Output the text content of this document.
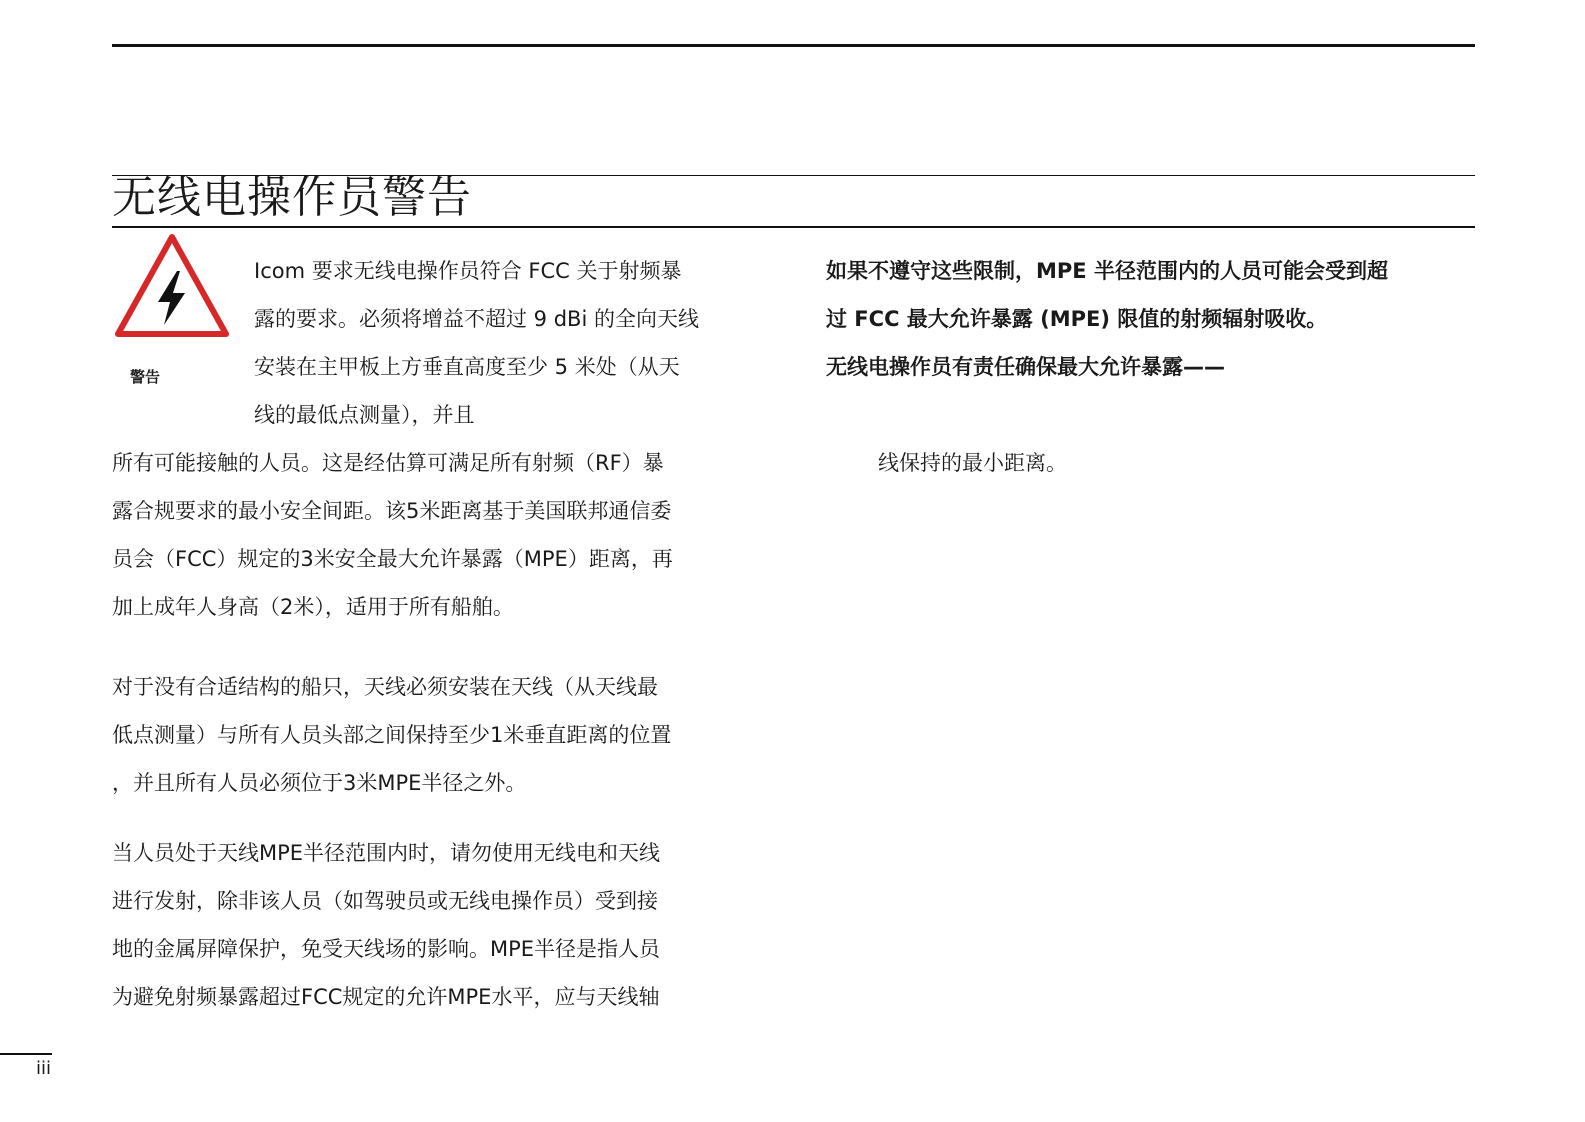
无线电操作员警告
警告
Icom 要求无线电操作员符合 FCC 关于射频暴
露的要求。必须将增益不超过 9 dBi 的全向天线
安装在主甲板上方垂直高度至少 5 米处（从天
线的最低点测量），并且
所有可能接触的人员。这是经估算可满足所有射频（RF）暴
露合规要求的最小安全间距。该5米距离基于美国联邦通信委
员会（FCC）规定的3米安全最大允许暴露（MPE）距离，再
加上成年人身高（2米），适用于所有船舶。
对于没有合适结构的船只，天线必须安装在天线（从天线最
低点测量）与所有人员头部之间保持至少1米垂直距离的位置
，并且所有人员必须位于3米MPE半径之外。
当人员处于天线MPE半径范围内时，请勿使用无线电和天线
进行发射，除非该人员（如驾驶员或无线电操作员）受到接
地的金属屏障保护，免受天线场的影响。MPE半径是指人员
为避免射频暴露超过FCC规定的允许MPE水平，应与天线轴
如果不遵守这些限制，MPE 半径范围内的人员可能会受到超
过 FCC 最大允许暴露 (MPE) 限值的射频辐射吸收。
无线电操作员有责任确保最大允许暴露——
线保持的最小距离。
iii
